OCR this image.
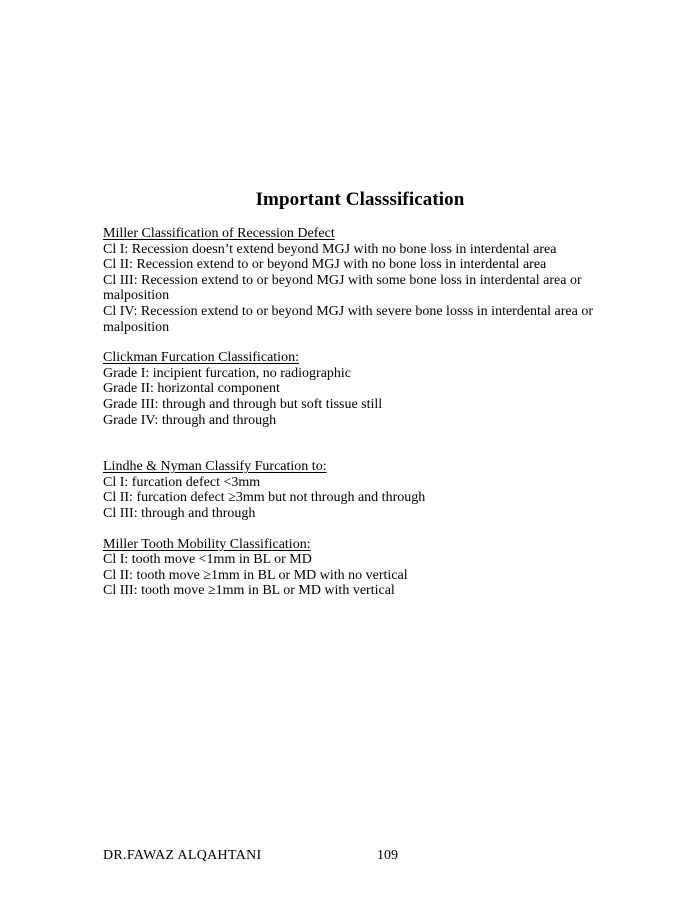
Important Classsification
Miller Classification of Recession Defect
Cl I: Recession doesn’t extend beyond MGJ with no bone loss in interdental area
Cl II: Recession extend to or beyond MGJ with no bone loss in interdental area
Cl III: Recession extend to or beyond MGJ with some bone loss in interdental area or malposition
Cl IV: Recession extend to or beyond MGJ with severe bone losss in interdental area or malposition
Clickman Furcation Classification:
Grade I: incipient furcation, no radiographic
Grade II: horizontal component
Grade III: through and through but soft tissue still
Grade IV: through and through
Lindhe & Nyman Classify Furcation to:
Cl I: furcation defect <3mm
Cl II: furcation defect ≥3mm but not through and through
Cl III: through and through
Miller Tooth Mobility Classification:
Cl I: tooth move <1mm in BL or MD
Cl II: tooth move ≥1mm in BL or MD with no vertical
Cl III: tooth move ≥1mm in BL or MD with vertical
DR.FAWAZ ALQAHTANI	109
